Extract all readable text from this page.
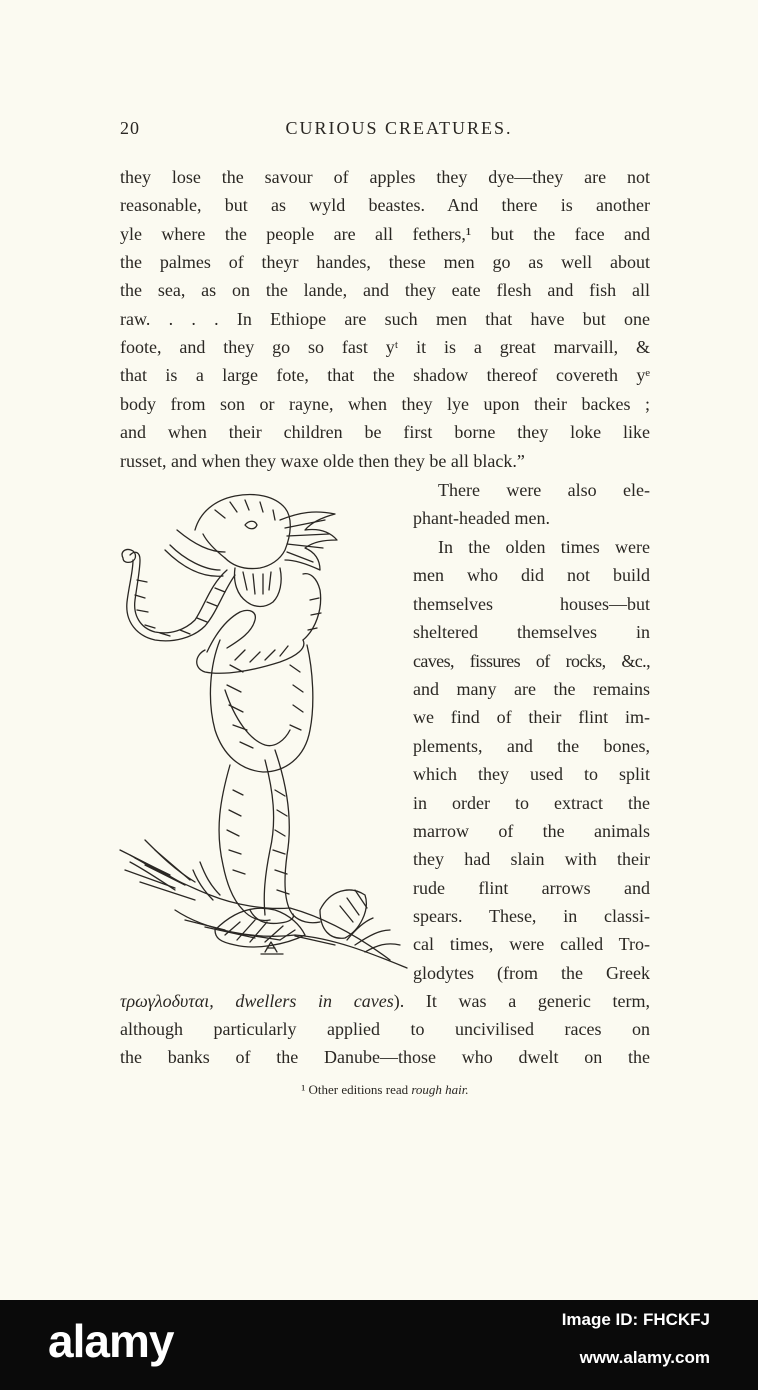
20	CURIOUS CREATURES.
they lose the savour of apples they dye—they are not
reasonable, but as wyld beastes. And there is another
yle where the people are all fethers,¹ but the face and
the palmes of theyr handes, these men go as well about
the sea, as on the lande, and they eate flesh and fish all
raw. . . . In Ethiope are such men that have but one
foote, and they go so fast yᵗ it is a great marvaill, &
that is a large fote, that the shadow thereof covereth yᵉ
body from son or rayne, when they lye upon their backes ;
and when their children be first borne they loke like
russet, and when they waxe olde then they be all black.”
There were also ele-
phant-headed men.
In the olden times were
men who did not build
themselves houses—but
sheltered themselves in
caves, fissures of rocks, &c.,
and many are the remains
we find of their flint im-
plements, and the bones,
which they used to split
in order to extract the
marrow of the animals
they had slain with their
rude flint arrows and
spears. These, in classi-
cal times, were called Tro-
glodytes (from the Greek
τρωγλοδυται, dwellers in caves). It was a generic term,
although particularly applied to uncivilised races on
the banks of the Danube—those who dwelt on the
¹ Other editions read rough hair.
alamy	Image ID: FHCKFJ
www.alamy.com
